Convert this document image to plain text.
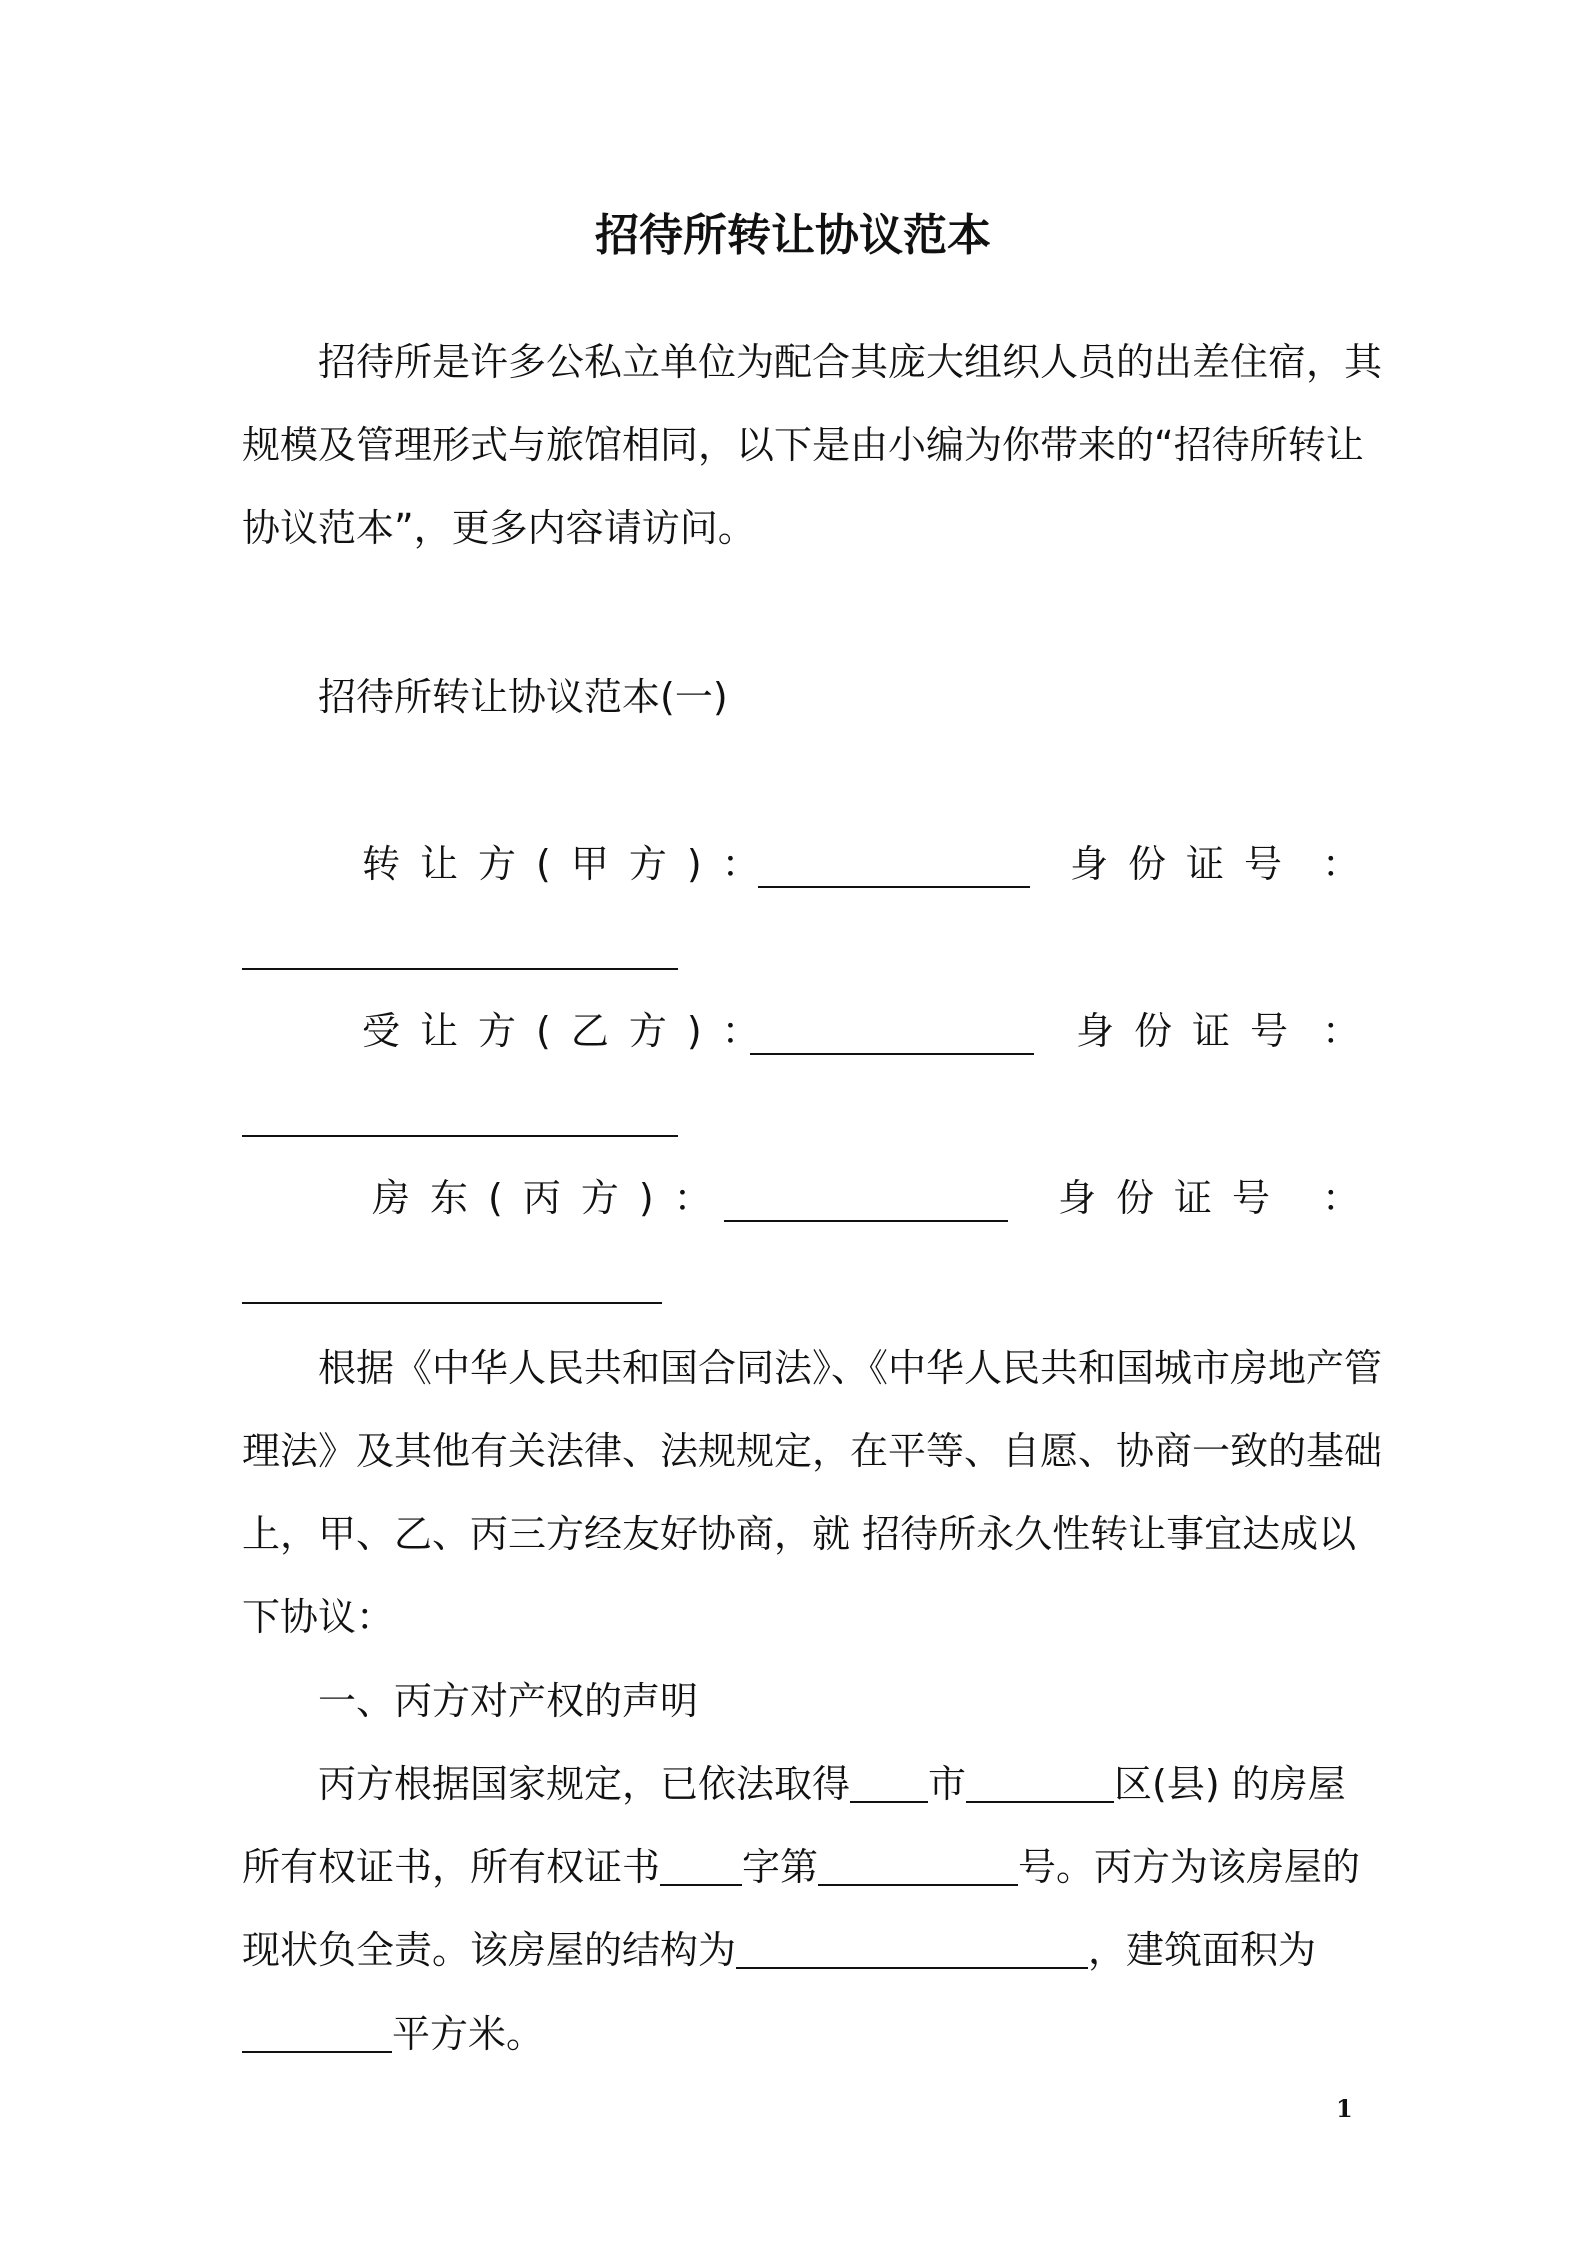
招待所转让协议范本
招待所是许多公私立单位为配合其庞大组织人员的出差住宿，其
规模及管理形式与旅馆相同，以下是由小编为你带来的“招待所转让
协议范本”，更多内容请访问。
招待所转让协议范本(一)
转让方(甲方)：	身份证号 ：
受让方(乙方)：	身份证号 ：
房东(丙方)：	身份证号 ：
根据《中华人民共和国合同法》、《中华人民共和国城市房地产管
理法》及其他有关法律、法规规定，在平等、自愿、协商一致的基础
上，甲、乙、丙三方经友好协商，就 招待所永久性转让事宜达成以
下协议：
一、丙方对产权的声明
丙方根据国家规定，已依法取得 市	区(县) 的房屋
所有权证书，所有权证书 字第	号。丙方为该房屋的
现状负全责。该房屋的结构为	，建筑面积为
平方米。
1
